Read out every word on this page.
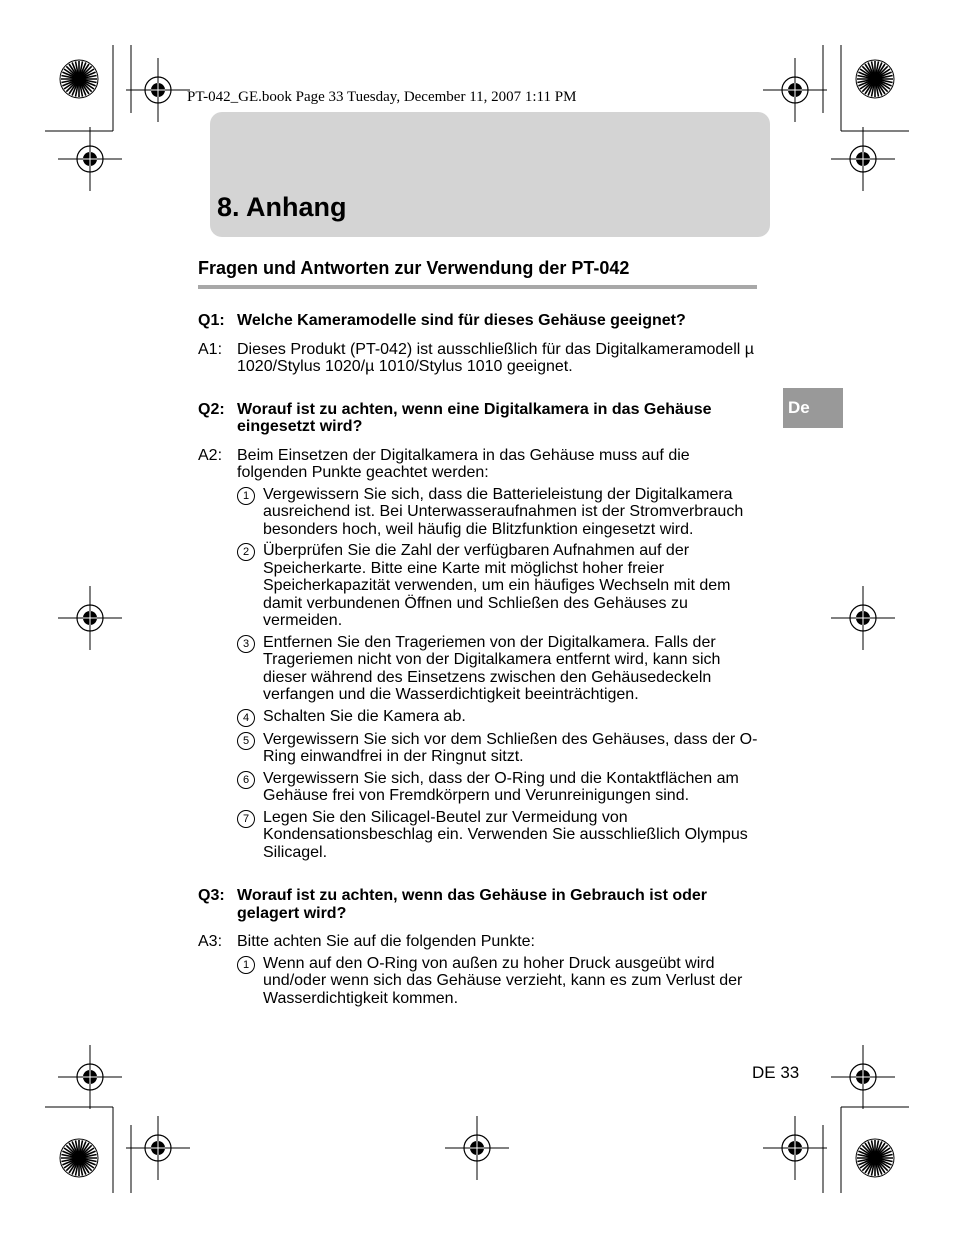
PT-042_GE.book Page 33 Tuesday, December 11, 2007 1:11 PM
8. Anhang
Fragen und Antworten zur Verwendung der PT-042
De
Q1: Welche Kameramodelle sind für dieses Gehäuse geeignet?
A1: Dieses Produkt (PT-042) ist ausschließlich für das Digitalkameramodell µ 1020/Stylus 1020/µ 1010/Stylus 1010 geeignet.
Q2: Worauf ist zu achten, wenn eine Digitalkamera in das Gehäuse eingesetzt wird?
A2: Beim Einsetzen der Digitalkamera in das Gehäuse muss auf die folgenden Punkte geachtet werden:
1 Vergewissern Sie sich, dass die Batterieleistung der Digitalkamera ausreichend ist. Bei Unterwasseraufnahmen ist der Stromverbrauch besonders hoch, weil häufig die Blitzfunktion eingesetzt wird.
2 Überprüfen Sie die Zahl der verfügbaren Aufnahmen auf der Speicherkarte. Bitte eine Karte mit möglichst hoher freier Speicherkapazität verwenden, um ein häufiges Wechseln mit dem damit verbundenen Öffnen und Schließen des Gehäuses zu vermeiden.
3 Entfernen Sie den Trageriemen von der Digitalkamera. Falls der Trageriemen nicht von der Digitalkamera entfernt wird, kann sich dieser während des Einsetzens zwischen den Gehäusedeckeln verfangen und die Wasserdichtigkeit beeinträchtigen.
4 Schalten Sie die Kamera ab.
5 Vergewissern Sie sich vor dem Schließen des Gehäuses, dass der O-Ring einwandfrei in der Ringnut sitzt.
6 Vergewissern Sie sich, dass der O-Ring und die Kontaktflächen am Gehäuse frei von Fremdkörpern und Verunreinigungen sind.
7 Legen Sie den Silicagel-Beutel zur Vermeidung von Kondensationsbeschlag ein. Verwenden Sie ausschließlich Olympus Silicagel.
Q3: Worauf ist zu achten, wenn das Gehäuse in Gebrauch ist oder gelagert wird?
A3: Bitte achten Sie auf die folgenden Punkte:
1 Wenn auf den O-Ring von außen zu hoher Druck ausgeübt wird und/oder wenn sich das Gehäuse verzieht, kann es zum Verlust der Wasserdichtigkeit kommen.
DE 33
